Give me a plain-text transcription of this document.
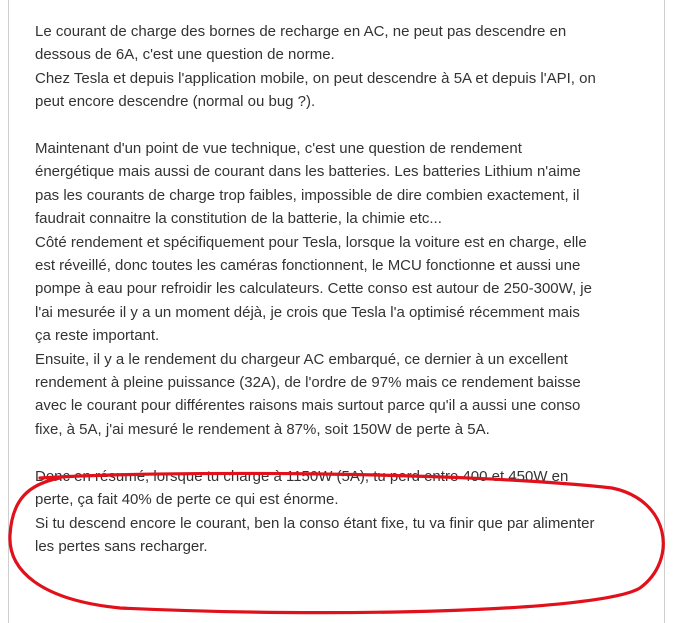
Le courant de charge des bornes de recharge en AC, ne peut pas descendre en

dessous de 6A, c'est une question de norme.

Chez Tesla et depuis l'application mobile, on peut descendre à 5A et depuis l'API, on

peut encore descendre (normal ou bug ?).

Maintenant d'un point de vue technique, c'est une question de rendement

énergétique mais aussi de courant dans les batteries. Les batteries Lithium n'aime

pas les courants de charge trop faibles, impossible de dire combien exactement, il

faudrait connaitre la constitution de la batterie, la chimie etc...

Côté rendement et spécifiquement pour Tesla, lorsque la voiture est en charge, elle

est réveillé, donc toutes les caméras fonctionnent, le MCU fonctionne et aussi une

pompe à eau pour refroidir les calculateurs. Cette conso est autour de 250-300W, je

l'ai mesurée il y a un moment déjà, je crois que Tesla l'a optimisé récemment mais

ça reste important.

Ensuite, il y a le rendement du chargeur AC embarqué, ce dernier à un excellent

rendement à pleine puissance (32A), de l'ordre de 97% mais ce rendement baisse

avec le courant pour différentes raisons mais surtout parce qu'il a aussi une conso

fixe, à 5A, j'ai mesuré le rendement à 87%, soit 150W de perte à 5A.

Donc en résumé, lorsque tu charge à 1150W (5A), tu perd entre 400 et 450W en

perte, ça fait 40% de perte ce qui est énorme.

Si tu descend encore le courant, ben la conso étant fixe, tu va finir que par alimenter

les pertes sans recharger.
